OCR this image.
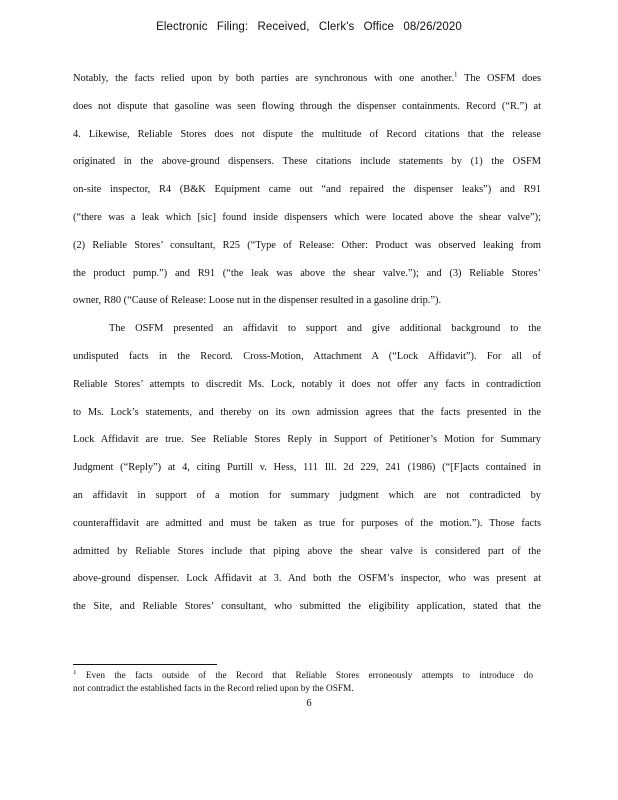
Electronic Filing: Received, Clerk's Office 08/26/2020
Notably, the facts relied upon by both parties are synchronous with one another.$^1$ The OSFM does
does not dispute that gasoline was seen flowing through the dispenser containments. Record (“R.”) at
4. Likewise, Reliable Stores does not dispute the multitude of Record citations that the release
originated in the above-ground dispensers. These citations include statements by (1) the OSFM
on-site inspector, R4 (B&K Equipment came out “and repaired the dispenser leaks”) and R91
(“there was a leak which [sic] found inside dispensers which were located above the shear valve”);
(2) Reliable Stores’ consultant, R25 (“Type of Release: Other: Product was observed leaking from
the product pump.”) and R91 (“the leak was above the shear valve.”); and (3) Reliable Stores’
owner, R80 (“Cause of Release: Loose nut in the dispenser resulted in a gasoline drip.”).
The OSFM presented an affidavit to support and give additional background to the
undisputed facts in the Record. Cross-Motion, Attachment A (“Lock Affidavit”). For all of
Reliable Stores’ attempts to discredit Ms. Lock, notably it does not offer any facts in contradiction
to Ms. Lock’s statements, and thereby on its own admission agrees that the facts presented in the
Lock Affidavit are true. See Reliable Stores Reply in Support of Petitioner’s Motion for Summary
Judgment (“Reply”) at 4, citing Purtill v. Hess, 111 Ill. 2d 229, 241 (1986) (“[F]acts contained in
an affidavit in support of a motion for summary judgment which are not contradicted by
counteraffidavit are admitted and must be taken as true for purposes of the motion.”). Those facts
admitted by Reliable Stores include that piping above the shear valve is considered part of the
above-ground dispenser. Lock Affidavit at 3. And both the OSFM’s inspector, who was present at
the Site, and Reliable Stores’ consultant, who submitted the eligibility application, stated that the
$^1$ Even the facts outside of the Record that Reliable Stores erroneously attempts to introduce do
not contradict the established facts in the Record relied upon by the OSFM.
6
